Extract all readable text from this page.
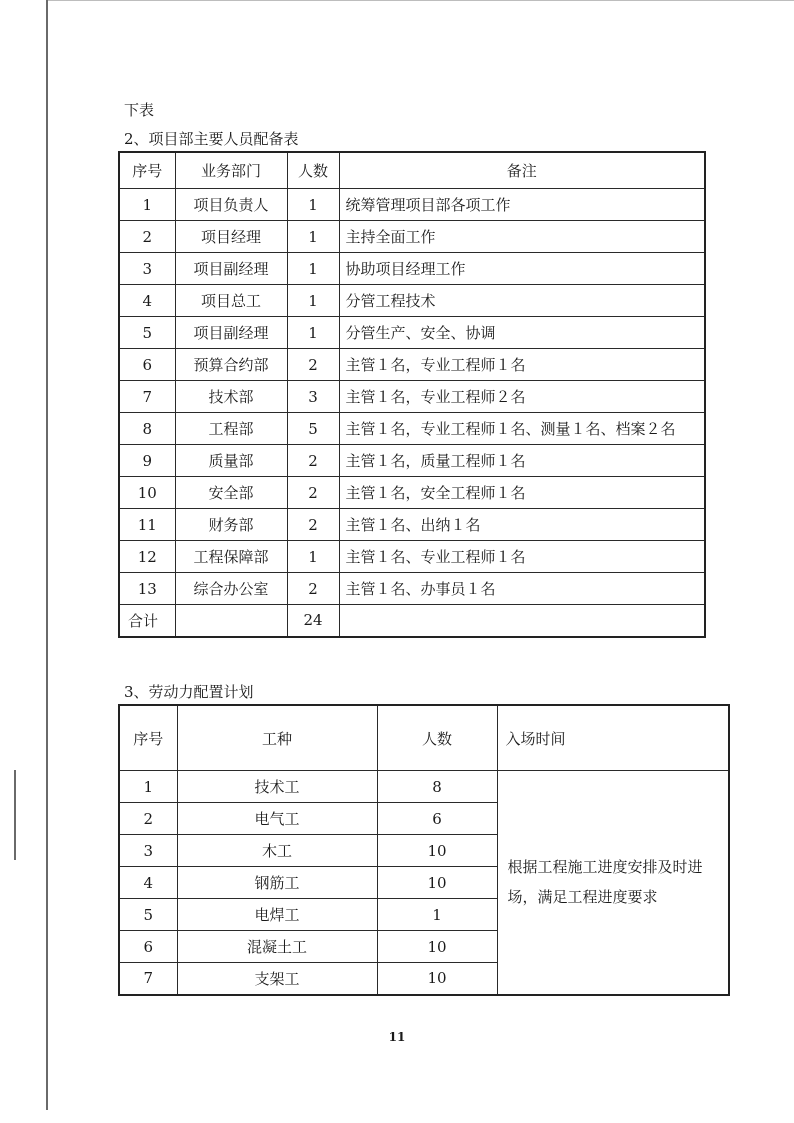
下表
2、项目部主要人员配备表
序号	业务部门	人数	备注
1	项目负责人	1	统筹管理项目部各项工作
2	项目经理	1	主持全面工作
3	项目副经理	1	协助项目经理工作
4	项目总工	1	分管工程技术
5	项目副经理	1	分管生产、安全、协调
6	预算合约部	2	主管１名，专业工程师１名
7	技术部	3	主管１名，专业工程师２名
8	工程部	5	主管１名，专业工程师１名、测量１名、档案２名
9	质量部	2	主管１名，质量工程师１名
10	安全部	2	主管１名，安全工程师１名
11	财务部	2	主管１名、出纳１名
12	工程保障部	1	主管１名、专业工程师１名
13	综合办公室	2	主管１名、办事员１名
合计		24	
3、劳动力配置计划
序号	工种	人数	入场时间
1	技术工	8	根据工程施工进度安排及时进场，满足工程进度要求
2	电气工	6	
3	木工	10	
4	钢筋工	10	
5	电焊工	1	
6	混凝土工	10	
7	支架工	10	
11
